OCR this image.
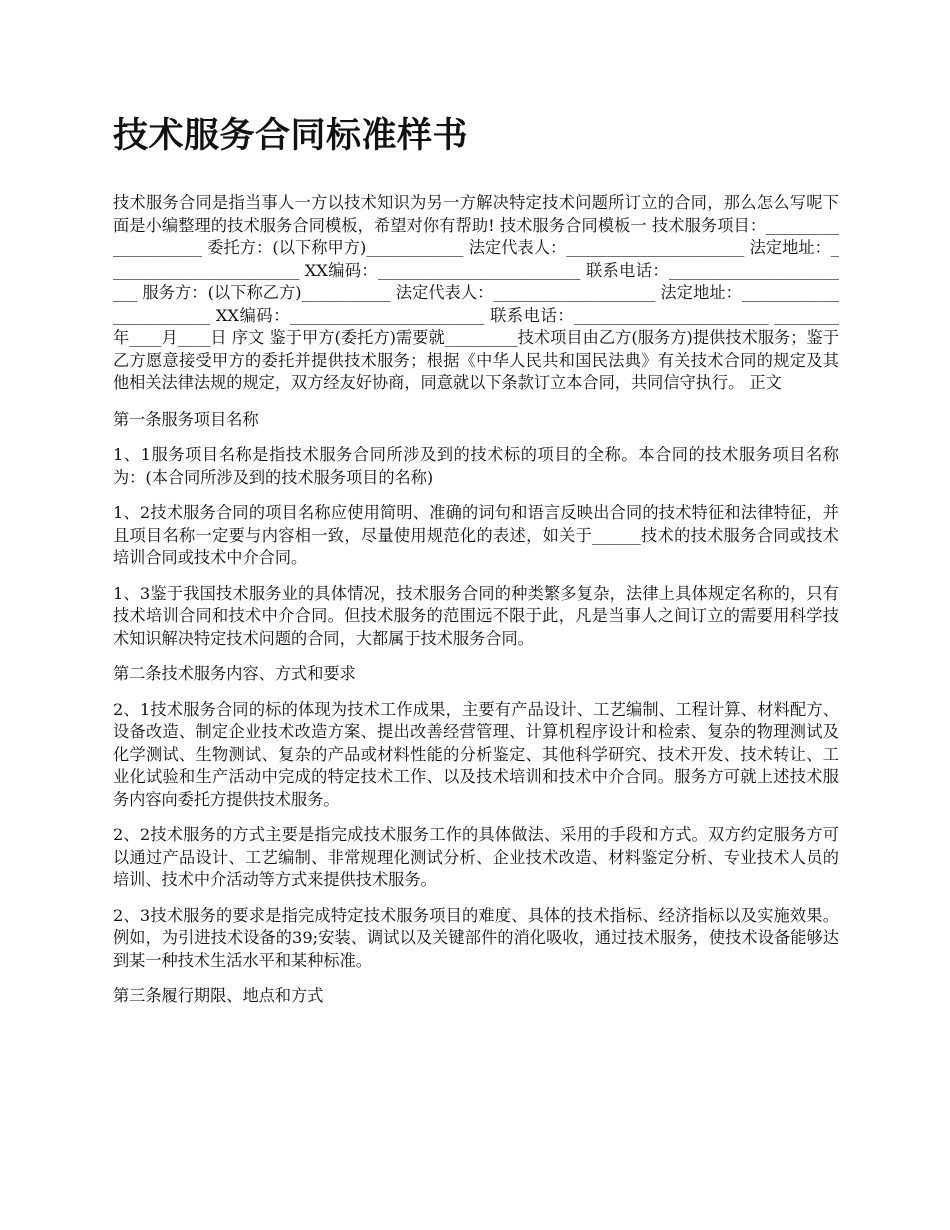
技术服务合同标准样书

技术服务合同是指当事人一方以技术知识为另一方解决特定技术问题所订立的合同，那么怎么写呢下面是小编整理的技术服务合同模板，希望对你有帮助! 技术服务合同模板一 技术服务项目：____________________ 委托方：(以下称甲方)____________ 法定代表人：______________________ 法定地址：________________________ XX编码：_________________________ 联系电话：________________________ 服务方：(以下称乙方)___________ 法定代表人：____________________ 法定地址：________________________ XX编码：________________________ 联系电话：________________________ ________年____月____日 序文 鉴于甲方(委托方)需要就_________技术项目由乙方(服务方)提供技术服务；鉴于乙方愿意接受甲方的委托并提供技术服务；根据《中华人民共和国民法典》有关技术合同的规定及其他相关法律法规的规定，双方经友好协商，同意就以下条款订立本合同，共同信守执行。 正文

第一条服务项目名称

1、1服务项目名称是指技术服务合同所涉及到的技术标的项目的全称。本合同的技术服务项目名称为：(本合同所涉及到的技术服务项目的名称)

1、2技术服务合同的项目名称应使用简明、准确的词句和语言反映出合同的技术特征和法律特征，并且项目名称一定要与内容相一致，尽量使用规范化的表述，如关于______技术的技术服务合同或技术培训合同或技术中介合同。

1、3鉴于我国技术服务业的具体情况，技术服务合同的种类繁多复杂，法律上具体规定名称的，只有技术培训合同和技术中介合同。但技术服务的范围远不限于此，凡是当事人之间订立的需要用科学技术知识解决特定技术问题的合同，大都属于技术服务合同。

第二条技术服务内容、方式和要求

2、1技术服务合同的标的体现为技术工作成果，主要有产品设计、工艺编制、工程计算、材料配方、设备改造、制定企业技术改造方案、提出改善经营管理、计算机程序设计和检索、复杂的物理测试及化学测试、生物测试、复杂的产品或材料性能的分析鉴定、其他科学研究、技术开发、技术转让、工业化试验和生产活动中完成的特定技术工作、以及技术培训和技术中介合同。服务方可就上述技术服务内容向委托方提供技术服务。

2、2技术服务的方式主要是指完成技术服务工作的具体做法、采用的手段和方式。双方约定服务方可以通过产品设计、工艺编制、非常规理化测试分析、企业技术改造、材料鉴定分析、专业技术人员的培训、技术中介活动等方式来提供技术服务。

2、3技术服务的要求是指完成特定技术服务项目的难度、具体的技术指标、经济指标以及实施效果。例如，为引进技术设备的39;安装、调试以及关键部件的消化吸收，通过技术服务，使技术设备能够达到某一种技术生活水平和某种标准。

第三条履行期限、地点和方式
